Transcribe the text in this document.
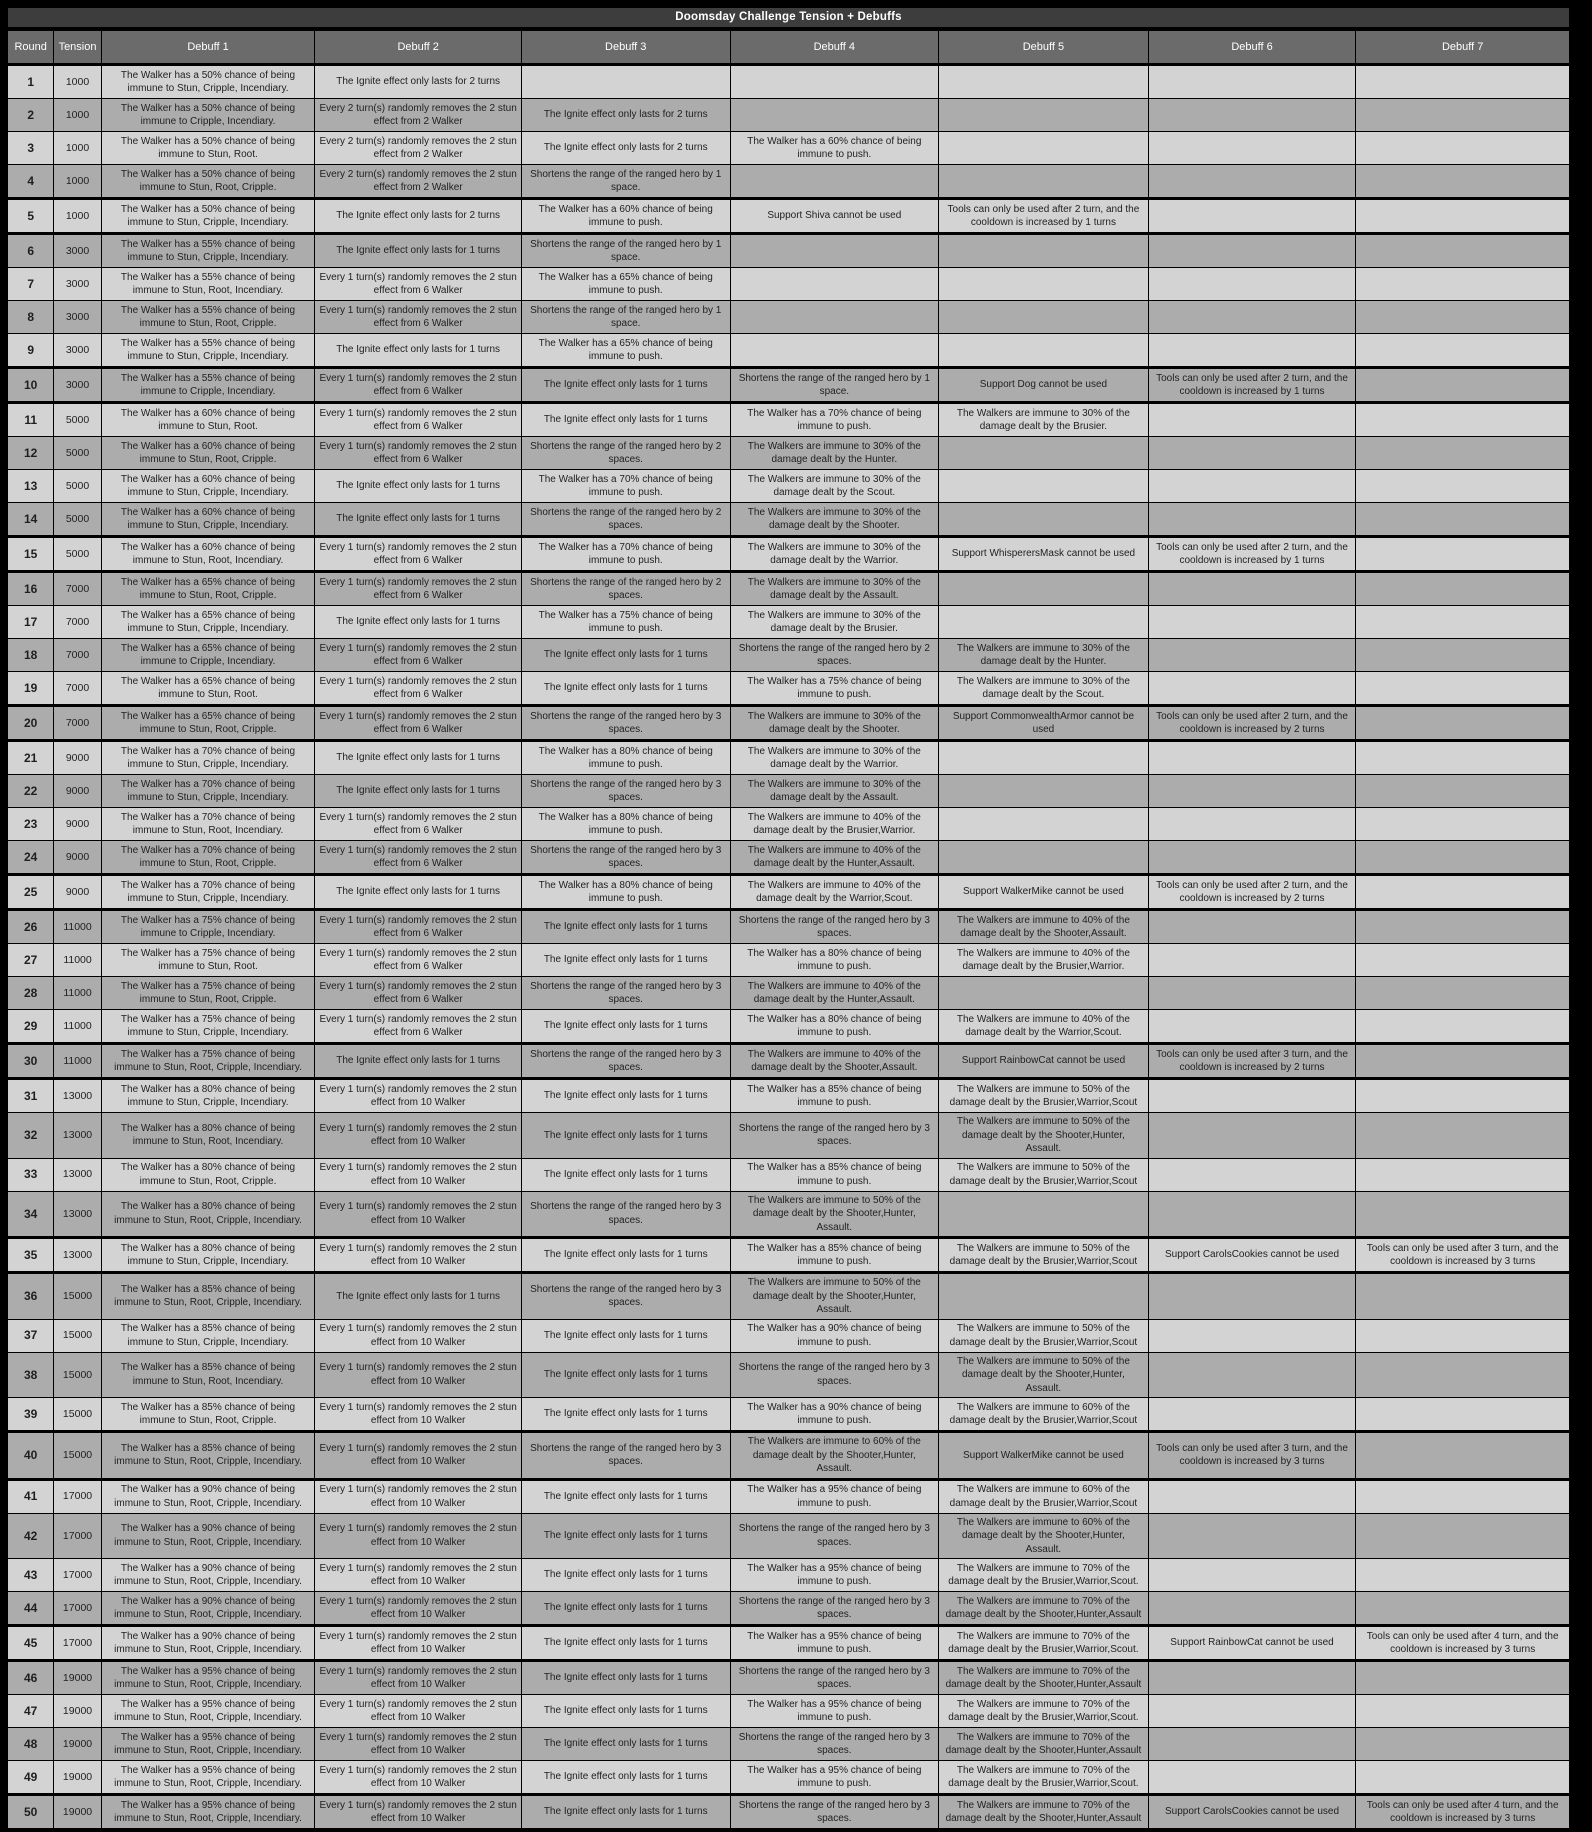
Doomsday Challenge Tension + Debuffs
Round	Tension	Debuff 1	Debuff 2	Debuff 3	Debuff 4	Debuff 5	Debuff 6	Debuff 7
1	1000	The Walker has a 50% chance of being immune to Stun, Cripple, Incendiary.	The Ignite effect only lasts for 2 turns					
2	1000	The Walker has a 50% chance of being immune to Cripple, Incendiary.	Every 2 turn(s) randomly removes the 2 stun effect from 2 Walker	The Ignite effect only lasts for 2 turns				
3	1000	The Walker has a 50% chance of being immune to Stun, Root.	Every 2 turn(s) randomly removes the 2 stun effect from 2 Walker	The Ignite effect only lasts for 2 turns	The Walker has a 60% chance of being immune to push.			
4	1000	The Walker has a 50% chance of being immune to Stun, Root, Cripple.	Every 2 turn(s) randomly removes the 2 stun effect from 2 Walker	Shortens the range of the ranged hero by 1 space.				
5	1000	The Walker has a 50% chance of being immune to Stun, Cripple, Incendiary.	The Ignite effect only lasts for 2 turns	The Walker has a 60% chance of being immune to push.	Support Shiva cannot be used	Tools can only be used after 2 turn, and the cooldown is increased by 1 turns		
6	3000	The Walker has a 55% chance of being immune to Stun, Cripple, Incendiary.	The Ignite effect only lasts for 1 turns	Shortens the range of the ranged hero by 1 space.				
7	3000	The Walker has a 55% chance of being immune to Stun, Root, Incendiary.	Every 1 turn(s) randomly removes the 2 stun effect from 6 Walker	The Walker has a 65% chance of being immune to push.				
8	3000	The Walker has a 55% chance of being immune to Stun, Root, Cripple.	Every 1 turn(s) randomly removes the 2 stun effect from 6 Walker	Shortens the range of the ranged hero by 1 space.				
9	3000	The Walker has a 55% chance of being immune to Stun, Cripple, Incendiary.	The Ignite effect only lasts for 1 turns	The Walker has a 65% chance of being immune to push.				
10	3000	The Walker has a 55% chance of being immune to Cripple, Incendiary.	Every 1 turn(s) randomly removes the 2 stun effect from 6 Walker	The Ignite effect only lasts for 1 turns	Shortens the range of the ranged hero by 1 space.	Support Dog cannot be used	Tools can only be used after 2 turn, and the cooldown is increased by 1 turns	
11	5000	The Walker has a 60% chance of being immune to Stun, Root.	Every 1 turn(s) randomly removes the 2 stun effect from 6 Walker	The Ignite effect only lasts for 1 turns	The Walker has a 70% chance of being immune to push.	The Walkers are immune to 30% of the damage dealt by the Brusier.		
12	5000	The Walker has a 60% chance of being immune to Stun, Root, Cripple.	Every 1 turn(s) randomly removes the 2 stun effect from 6 Walker	Shortens the range of the ranged hero by 2 spaces.	The Walkers are immune to 30% of the damage dealt by the Hunter.			
13	5000	The Walker has a 60% chance of being immune to Stun, Cripple, Incendiary.	The Ignite effect only lasts for 1 turns	The Walker has a 70% chance of being immune to push.	The Walkers are immune to 30% of the damage dealt by the Scout.			
14	5000	The Walker has a 60% chance of being immune to Stun, Cripple, Incendiary.	The Ignite effect only lasts for 1 turns	Shortens the range of the ranged hero by 2 spaces.	The Walkers are immune to 30% of the damage dealt by the Shooter.			
15	5000	The Walker has a 60% chance of being immune to Stun, Root, Incendiary.	Every 1 turn(s) randomly removes the 2 stun effect from 6 Walker	The Walker has a 70% chance of being immune to push.	The Walkers are immune to 30% of the damage dealt by the Warrior.	Support WhisperersMask cannot be used	Tools can only be used after 2 turn, and the cooldown is increased by 1 turns	
16	7000	The Walker has a 65% chance of being immune to Stun, Root, Cripple.	Every 1 turn(s) randomly removes the 2 stun effect from 6 Walker	Shortens the range of the ranged hero by 2 spaces.	The Walkers are immune to 30% of the damage dealt by the Assault.			
17	7000	The Walker has a 65% chance of being immune to Stun, Cripple, Incendiary.	The Ignite effect only lasts for 1 turns	The Walker has a 75% chance of being immune to push.	The Walkers are immune to 30% of the damage dealt by the Brusier.			
18	7000	The Walker has a 65% chance of being immune to Cripple, Incendiary.	Every 1 turn(s) randomly removes the 2 stun effect from 6 Walker	The Ignite effect only lasts for 1 turns	Shortens the range of the ranged hero by 2 spaces.	The Walkers are immune to 30% of the damage dealt by the Hunter.		
19	7000	The Walker has a 65% chance of being immune to Stun, Root.	Every 1 turn(s) randomly removes the 2 stun effect from 6 Walker	The Ignite effect only lasts for 1 turns	The Walker has a 75% chance of being immune to push.	The Walkers are immune to 30% of the damage dealt by the Scout.		
20	7000	The Walker has a 65% chance of being immune to Stun, Root, Cripple.	Every 1 turn(s) randomly removes the 2 stun effect from 6 Walker	Shortens the range of the ranged hero by 3 spaces.	The Walkers are immune to 30% of the damage dealt by the Shooter.	Support CommonwealthArmor cannot be used	Tools can only be used after 2 turn, and the cooldown is increased by 2 turns	
21	9000	The Walker has a 70% chance of being immune to Stun, Cripple, Incendiary.	The Ignite effect only lasts for 1 turns	The Walker has a 80% chance of being immune to push.	The Walkers are immune to 30% of the damage dealt by the Warrior.			
22	9000	The Walker has a 70% chance of being immune to Stun, Cripple, Incendiary.	The Ignite effect only lasts for 1 turns	Shortens the range of the ranged hero by 3 spaces.	The Walkers are immune to 30% of the damage dealt by the Assault.			
23	9000	The Walker has a 70% chance of being immune to Stun, Root, Incendiary.	Every 1 turn(s) randomly removes the 2 stun effect from 6 Walker	The Walker has a 80% chance of being immune to push.	The Walkers are immune to 40% of the damage dealt by the Brusier,Warrior.			
24	9000	The Walker has a 70% chance of being immune to Stun, Root, Cripple.	Every 1 turn(s) randomly removes the 2 stun effect from 6 Walker	Shortens the range of the ranged hero by 3 spaces.	The Walkers are immune to 40% of the damage dealt by the Hunter,Assault.			
25	9000	The Walker has a 70% chance of being immune to Stun, Cripple, Incendiary.	The Ignite effect only lasts for 1 turns	The Walker has a 80% chance of being immune to push.	The Walkers are immune to 40% of the damage dealt by the Warrior,Scout.	Support WalkerMike cannot be used	Tools can only be used after 2 turn, and the cooldown is increased by 2 turns	
26	11000	The Walker has a 75% chance of being immune to Cripple, Incendiary.	Every 1 turn(s) randomly removes the 2 stun effect from 6 Walker	The Ignite effect only lasts for 1 turns	Shortens the range of the ranged hero by 3 spaces.	The Walkers are immune to 40% of the damage dealt by the Shooter,Assault.		
27	11000	The Walker has a 75% chance of being immune to Stun, Root.	Every 1 turn(s) randomly removes the 2 stun effect from 6 Walker	The Ignite effect only lasts for 1 turns	The Walker has a 80% chance of being immune to push.	The Walkers are immune to 40% of the damage dealt by the Brusier,Warrior.		
28	11000	The Walker has a 75% chance of being immune to Stun, Root, Cripple.	Every 1 turn(s) randomly removes the 2 stun effect from 6 Walker	Shortens the range of the ranged hero by 3 spaces.	The Walkers are immune to 40% of the damage dealt by the Hunter,Assault.			
29	11000	The Walker has a 75% chance of being immune to Stun, Cripple, Incendiary.	Every 1 turn(s) randomly removes the 2 stun effect from 6 Walker	The Ignite effect only lasts for 1 turns	The Walker has a 80% chance of being immune to push.	The Walkers are immune to 40% of the damage dealt by the Warrior,Scout.		
30	11000	The Walker has a 75% chance of being immune to Stun, Root, Cripple, Incendiary.	The Ignite effect only lasts for 1 turns	Shortens the range of the ranged hero by 3 spaces.	The Walkers are immune to 40% of the damage dealt by the Shooter,Assault.	Support RainbowCat cannot be used	Tools can only be used after 3 turn, and the cooldown is increased by 2 turns	
31	13000	The Walker has a 80% chance of being immune to Stun, Cripple, Incendiary.	Every 1 turn(s) randomly removes the 2 stun effect from 10 Walker	The Ignite effect only lasts for 1 turns	The Walker has a 85% chance of being immune to push.	The Walkers are immune to 50% of the damage dealt by the Brusier,Warrior,Scout		
32	13000	The Walker has a 80% chance of being immune to Stun, Root, Incendiary.	Every 1 turn(s) randomly removes the 2 stun effect from 10 Walker	The Ignite effect only lasts for 1 turns	Shortens the range of the ranged hero by 3 spaces.	The Walkers are immune to 50% of the damage dealt by the Shooter,Hunter, Assault.		
33	13000	The Walker has a 80% chance of being immune to Stun, Root, Cripple.	Every 1 turn(s) randomly removes the 2 stun effect from 10 Walker	The Ignite effect only lasts for 1 turns	The Walker has a 85% chance of being immune to push.	The Walkers are immune to 50% of the damage dealt by the Brusier,Warrior,Scout		
34	13000	The Walker has a 80% chance of being immune to Stun, Root, Cripple, Incendiary.	Every 1 turn(s) randomly removes the 2 stun effect from 10 Walker	Shortens the range of the ranged hero by 3 spaces.	The Walkers are immune to 50% of the damage dealt by the Shooter,Hunter, Assault.			
35	13000	The Walker has a 80% chance of being immune to Stun, Cripple, Incendiary.	Every 1 turn(s) randomly removes the 2 stun effect from 10 Walker	The Ignite effect only lasts for 1 turns	The Walker has a 85% chance of being immune to push.	The Walkers are immune to 50% of the damage dealt by the Brusier,Warrior,Scout	Support CarolsCookies cannot be used	Tools can only be used after 3 turn, and the cooldown is increased by 3 turns
36	15000	The Walker has a 85% chance of being immune to Stun, Root, Cripple, Incendiary.	The Ignite effect only lasts for 1 turns	Shortens the range of the ranged hero by 3 spaces.	The Walkers are immune to 50% of the damage dealt by the Shooter,Hunter, Assault.			
37	15000	The Walker has a 85% chance of being immune to Stun, Cripple, Incendiary.	Every 1 turn(s) randomly removes the 2 stun effect from 10 Walker	The Ignite effect only lasts for 1 turns	The Walker has a 90% chance of being immune to push.	The Walkers are immune to 50% of the damage dealt by the Brusier,Warrior,Scout		
38	15000	The Walker has a 85% chance of being immune to Stun, Root, Incendiary.	Every 1 turn(s) randomly removes the 2 stun effect from 10 Walker	The Ignite effect only lasts for 1 turns	Shortens the range of the ranged hero by 3 spaces.	The Walkers are immune to 50% of the damage dealt by the Shooter,Hunter, Assault.		
39	15000	The Walker has a 85% chance of being immune to Stun, Root, Cripple.	Every 1 turn(s) randomly removes the 2 stun effect from 10 Walker	The Ignite effect only lasts for 1 turns	The Walker has a 90% chance of being immune to push.	The Walkers are immune to 60% of the damage dealt by the Brusier,Warrior,Scout		
40	15000	The Walker has a 85% chance of being immune to Stun, Root, Cripple, Incendiary.	Every 1 turn(s) randomly removes the 2 stun effect from 10 Walker	Shortens the range of the ranged hero by 3 spaces.	The Walkers are immune to 60% of the damage dealt by the Shooter,Hunter, Assault.	Support WalkerMike cannot be used	Tools can only be used after 3 turn, and the cooldown is increased by 3 turns	
41	17000	The Walker has a 90% chance of being immune to Stun, Root, Cripple, Incendiary.	Every 1 turn(s) randomly removes the 2 stun effect from 10 Walker	The Ignite effect only lasts for 1 turns	The Walker has a 95% chance of being immune to push.	The Walkers are immune to 60% of the damage dealt by the Brusier,Warrior,Scout		
42	17000	The Walker has a 90% chance of being immune to Stun, Root, Cripple, Incendiary.	Every 1 turn(s) randomly removes the 2 stun effect from 10 Walker	The Ignite effect only lasts for 1 turns	Shortens the range of the ranged hero by 3 spaces.	The Walkers are immune to 60% of the damage dealt by the Shooter,Hunter, Assault.		
43	17000	The Walker has a 90% chance of being immune to Stun, Root, Cripple, Incendiary.	Every 1 turn(s) randomly removes the 2 stun effect from 10 Walker	The Ignite effect only lasts for 1 turns	The Walker has a 95% chance of being immune to push.	The Walkers are immune to 70% of the damage dealt by the Brusier,Warrior,Scout.		
44	17000	The Walker has a 90% chance of being immune to Stun, Root, Cripple, Incendiary.	Every 1 turn(s) randomly removes the 2 stun effect from 10 Walker	The Ignite effect only lasts for 1 turns	Shortens the range of the ranged hero by 3 spaces.	The Walkers are immune to 70% of the damage dealt by the Shooter,Hunter,Assault		
45	17000	The Walker has a 90% chance of being immune to Stun, Root, Cripple, Incendiary.	Every 1 turn(s) randomly removes the 2 stun effect from 10 Walker	The Ignite effect only lasts for 1 turns	The Walker has a 95% chance of being immune to push.	The Walkers are immune to 70% of the damage dealt by the Brusier,Warrior,Scout.	Support RainbowCat cannot be used	Tools can only be used after 4 turn, and the cooldown is increased by 3 turns
46	19000	The Walker has a 95% chance of being immune to Stun, Root, Cripple, Incendiary.	Every 1 turn(s) randomly removes the 2 stun effect from 10 Walker	The Ignite effect only lasts for 1 turns	Shortens the range of the ranged hero by 3 spaces.	The Walkers are immune to 70% of the damage dealt by the Shooter,Hunter,Assault		
47	19000	The Walker has a 95% chance of being immune to Stun, Root, Cripple, Incendiary.	Every 1 turn(s) randomly removes the 2 stun effect from 10 Walker	The Ignite effect only lasts for 1 turns	The Walker has a 95% chance of being immune to push.	The Walkers are immune to 70% of the damage dealt by the Brusier,Warrior,Scout.		
48	19000	The Walker has a 95% chance of being immune to Stun, Root, Cripple, Incendiary.	Every 1 turn(s) randomly removes the 2 stun effect from 10 Walker	The Ignite effect only lasts for 1 turns	Shortens the range of the ranged hero by 3 spaces.	The Walkers are immune to 70% of the damage dealt by the Shooter,Hunter,Assault		
49	19000	The Walker has a 95% chance of being immune to Stun, Root, Cripple, Incendiary.	Every 1 turn(s) randomly removes the 2 stun effect from 10 Walker	The Ignite effect only lasts for 1 turns	The Walker has a 95% chance of being immune to push.	The Walkers are immune to 70% of the damage dealt by the Brusier,Warrior,Scout.		
50	19000	The Walker has a 95% chance of being immune to Stun, Root, Cripple, Incendiary.	Every 1 turn(s) randomly removes the 2 stun effect from 10 Walker	The Ignite effect only lasts for 1 turns	Shortens the range of the ranged hero by 3 spaces.	The Walkers are immune to 70% of the damage dealt by the Shooter,Hunter,Assault	Support CarolsCookies cannot be used	Tools can only be used after 4 turn, and the cooldown is increased by 3 turns
